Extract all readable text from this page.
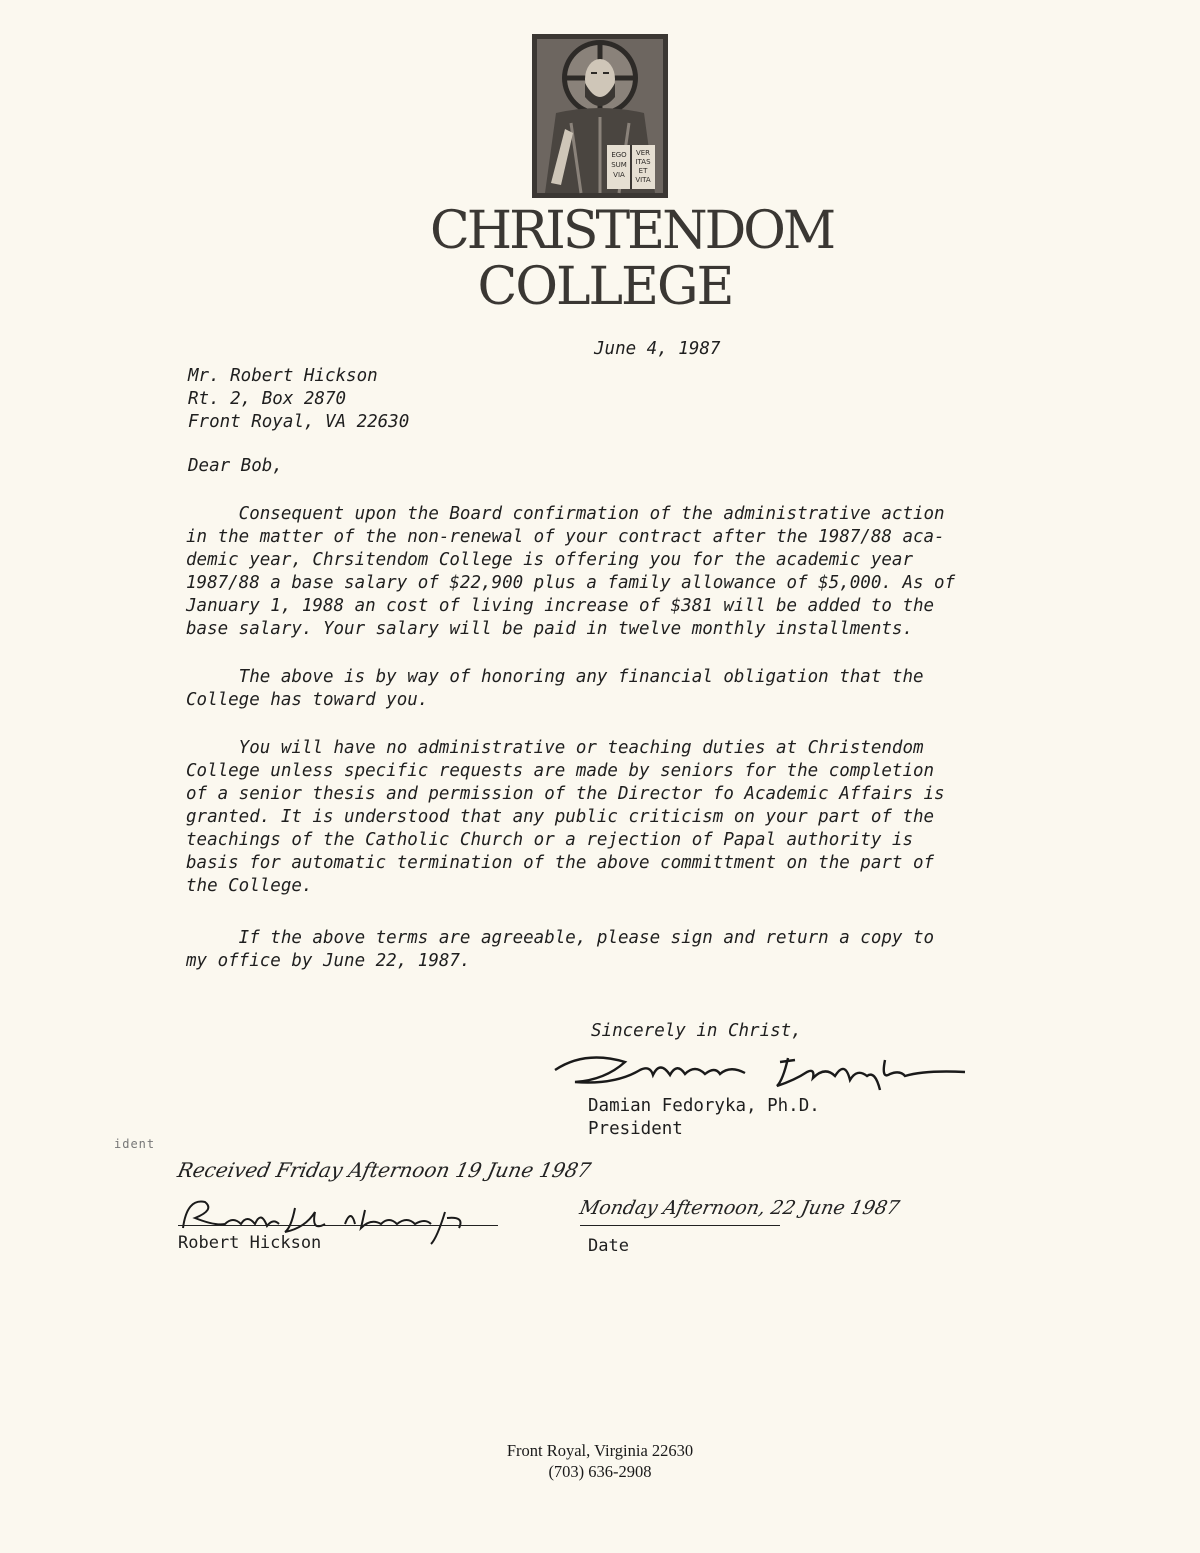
EGO
SUM
VIA
VER
ITAS
ET
VITA
CHRISTENDOM
COLLEGE
June 4, 1987
Mr. Robert Hickson
Rt. 2, Box 2870
Front Royal, VA 22630
Dear Bob,
Consequent upon the Board confirmation of the administrative action
in the matter of the non-renewal of your contract after the 1987/88 aca-
demic year, Chrsitendom College is offering you for the academic year
1987/88 a base salary of $22,900 plus a family allowance of $5,000. As of
January 1, 1988 an cost of living increase of $381 will be added to the
base salary. Your salary will be paid in twelve monthly installments.
The above is by way of honoring any financial obligation that the
College has toward you.
You will have no administrative or teaching duties at Christendom
College unless specific requests are made by seniors for the completion
of a senior thesis and permission of the Director fo Academic Affairs is
granted. It is understood that any public criticism on your part of the
teachings of the Catholic Church or a rejection of Papal authority is
basis for automatic termination of the above committment on the part of
the College.
If the above terms are agreeable, please sign and return a copy to
my office by June 22, 1987.
Sincerely in Christ,
Damian Fedoryka, Ph.D.
President
ident
Received Friday Afternoon 19 June 1987
Monday Afternoon, 22 June 1987
Robert Hickson	Date
Front Royal, Virginia 22630
(703) 636-2908
